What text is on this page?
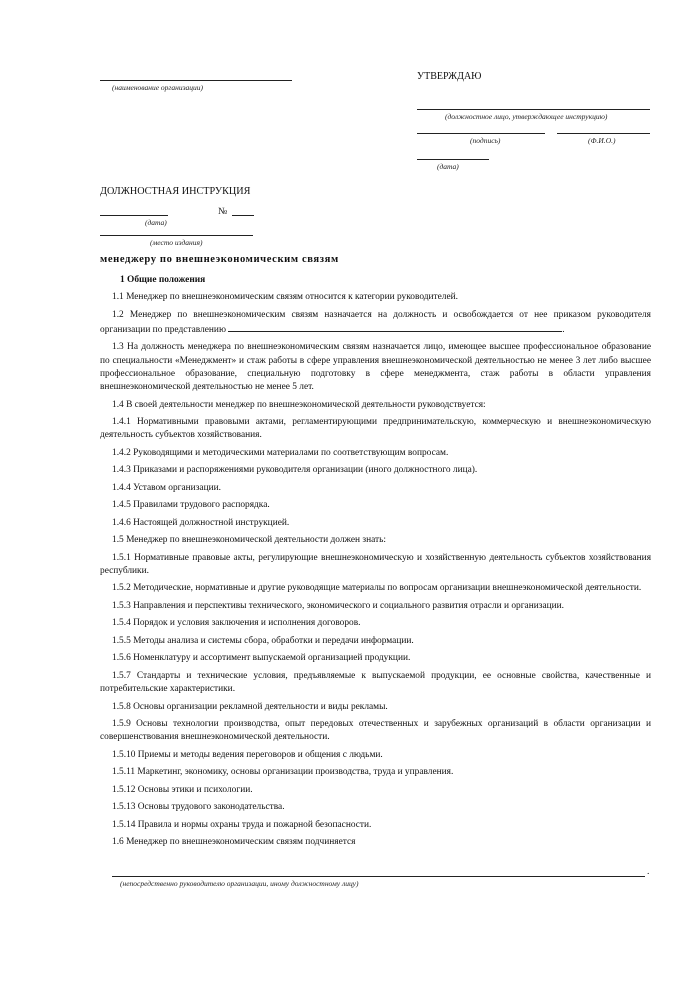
(наименование организации)
УТВЕРЖДАЮ
(должностное лицо, утверждающее инструкцию)
(подпись)	(Ф.И.О.)
(дата)
ДОЛЖНОСТНАЯ ИНСТРУКЦИЯ
№
(дата)
(место издания)
менеджеру по внешнеэкономическим связям

1 Общие положения

1.1 Менеджер по внешнеэкономическим связям относится к категории руководителей.

1.2 Менеджер по внешнеэкономическим связям назначается на должность и освобождается от нее приказом руководителя организации по представлению	.

1.3 На должность менеджера по внешнеэкономическим связям назначается лицо, имеющее высшее профессиональное образование по специальности «Менеджмент» и стаж работы в сфере управления внешнеэкономической деятельностью не менее 3 лет либо высшее профессиональное образование, специальную подготовку в сфере менеджмента, стаж работы в области управления внешнеэкономической деятельностью не менее 5 лет.

1.4 В своей деятельности менеджер по внешнеэкономической деятельности руководствуется:

1.4.1 Нормативными правовыми актами, регламентирующими предпринимательскую, коммерческую и внешнеэкономическую деятельность субъектов хозяйствования.

1.4.2 Руководящими и методическими материалами по соответствующим вопросам.

1.4.3 Приказами и распоряжениями руководителя организации (иного должностного лица).

1.4.4 Уставом организации.

1.4.5 Правилами трудового распорядка.

1.4.6 Настоящей должностной инструкцией.

1.5 Менеджер по внешнеэкономической деятельности должен знать:

1.5.1 Нормативные правовые акты, регулирующие внешнеэкономическую и хозяйственную деятельность субъектов хозяйствования республики.

1.5.2 Методические, нормативные и другие руководящие материалы по вопросам организации внешнеэкономической деятельности.

1.5.3 Направления и перспективы технического, экономического и социального развития отрасли и организации.

1.5.4 Порядок и условия заключения и исполнения договоров.

1.5.5 Методы анализа и системы сбора, обработки и передачи информации.

1.5.6 Номенклатуру и ассортимент выпускаемой организацией продукции.

1.5.7 Стандарты и технические условия, предъявляемые к выпускаемой продукции, ее основные свойства, качественные и потребительские характеристики.

1.5.8 Основы организации рекламной деятельности и виды рекламы.

1.5.9 Основы технологии производства, опыт передовых отечественных и зарубежных организаций в области организации и совершенствования внешнеэкономической деятельности.

1.5.10 Приемы и методы ведения переговоров и общения с людьми.

1.5.11 Маркетинг, экономику, основы организации производства, труда и управления.

1.5.12 Основы этики и психологии.

1.5.13 Основы трудового законодательства.

1.5.14 Правила и нормы охраны труда и пожарной безопасности.

1.6 Менеджер по внешнеэкономическим связям подчиняется

.
(непосредственно руководителю организации, иному должностному лицу)
